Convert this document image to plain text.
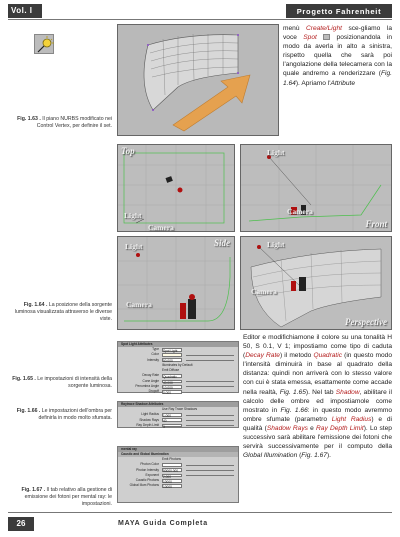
Vol. I	Progetto Fahrenheit
Fig. 1.63 . Il piano NURBS modificato nei Control Vertex, per definire il set.
menù Create/Light sce-gliamo la voce Spot  posizionandola in modo da averla in alto a sinistra, rispetto quella che sarà poi l'angolazione della telecamera con la quale andremo a renderizzare (Fig. 1.64). Apriamo l'Attribute
Top
Light
Camera
Light
Camera
Front
Light	Side
Camera
Light
Camera
Perspective
Fig. 1.64 . La posizione della sorgente luminosa visualizzata attraverso le diverse viste.
Editor e modifichiamone il colore su una tonalità H 50, S 0.1, V 1; impostiamo come tipo di caduta (Decay Rate) il metodo Quadratic (in questo modo l'intensità diminuirà in base al quadrato della distanza: quindi non arriverà con lo stesso valore con cui è stata emessa, esattamente come accade nella realtà, Fig. 1.65). Nel tab Shadow, abilitare il calcolo delle ombre ed impostiamole come mostrato in Fig. 1.66: in questo modo avremmo ombre sfumate (parametro Light Radius) e di qualità (Shadow Rays e Ray Depth Limit). Lo step successivo sarà abilitare l'emissione dei fotoni che servirà successivamente per il computo della Global Illumination (Fig. 1.67).
Spot Light Attributes
Type	Spot Light
Color
Intensity	50.000
Illuminates by Default
Emit Diffuse
Decay Rate	Quadratic
Cone Angle	40.000
Penumbra Angle	10.000
Dropoff	0.000
Fig. 1.65 . Le impostazioni di intensità della sorgente luminosa.
Raytrace Shadow Attributes
Use Ray Trace Shadows
Light Radius	1.000
Shadow Rays	40
Ray Depth Limit	3
Fig. 1.66 . Le impostazioni dell'ombra per definirla in modo molto sfumata.
mental ray
Caustic and Global Illumination
Emit Photons
Photon Color
Photon Intensity	50000.000
Exponent	2.000
Caustic Photons	10000
Global Illum Photons	10000
Fig. 1.67 . Il tab relativo alla gestione di emissione dei fotoni per mental ray: le impostazioni.
26	MAYA Guida Completa
